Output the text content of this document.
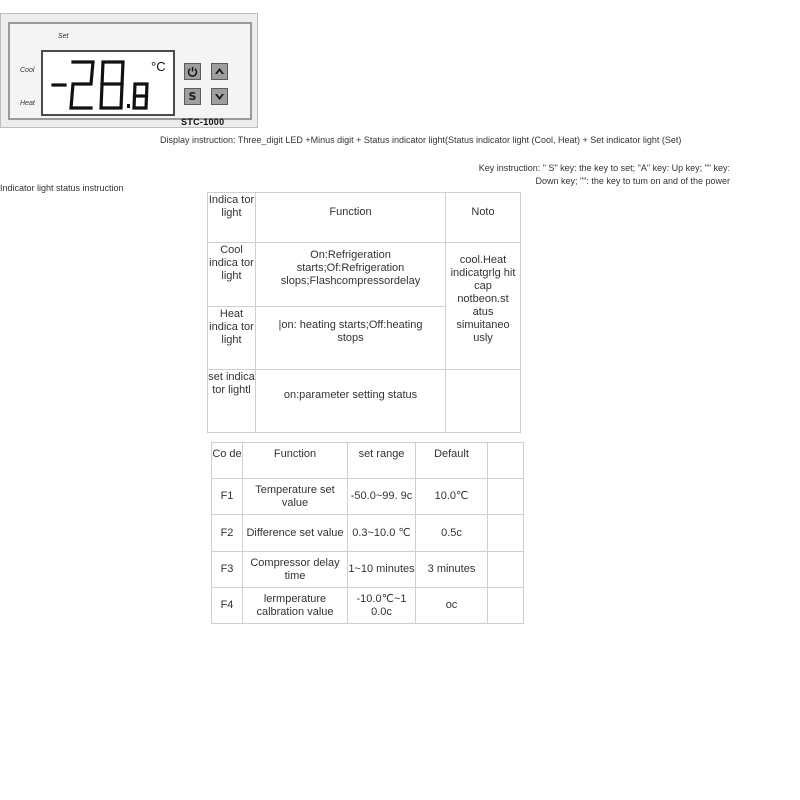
Set
Cool
Heat
°C
S
STC-1000
Display instruction: Three_digit LED +Minus digit + Status indicator light(Status indicator light (Cool, Heat) + Set indicator light (Set)
Key instruction: " S" key: the key to set; "A" key: Up key; "" key: Down key; "": the key to tum on and of the power
Indicator light status instruction
Indica tor light	Function	Noto
Cool indica tor light	On:Refrigeration starts;Of:Refrigeration slops;Flashcompressordelay	cool.Heat indicatgrlg hit cap notbeon.st atus simuitaneo usly
Heat indica tor light	|on: heating starts;Off:heating stops	
set indica tor lightl	on:parameter setting status	
Co de	Function	set range	Default	
F1	Temperature set value	-50.0~99. 9c	10.0℃	
F2	Difference set value	0.3~10.0 ℃	0.5c	
F3	Compressor delay time	1~10 minutes	3 minutes	
F4	lermperature calbration value	-10.0℃~1 0.0c	oc	
